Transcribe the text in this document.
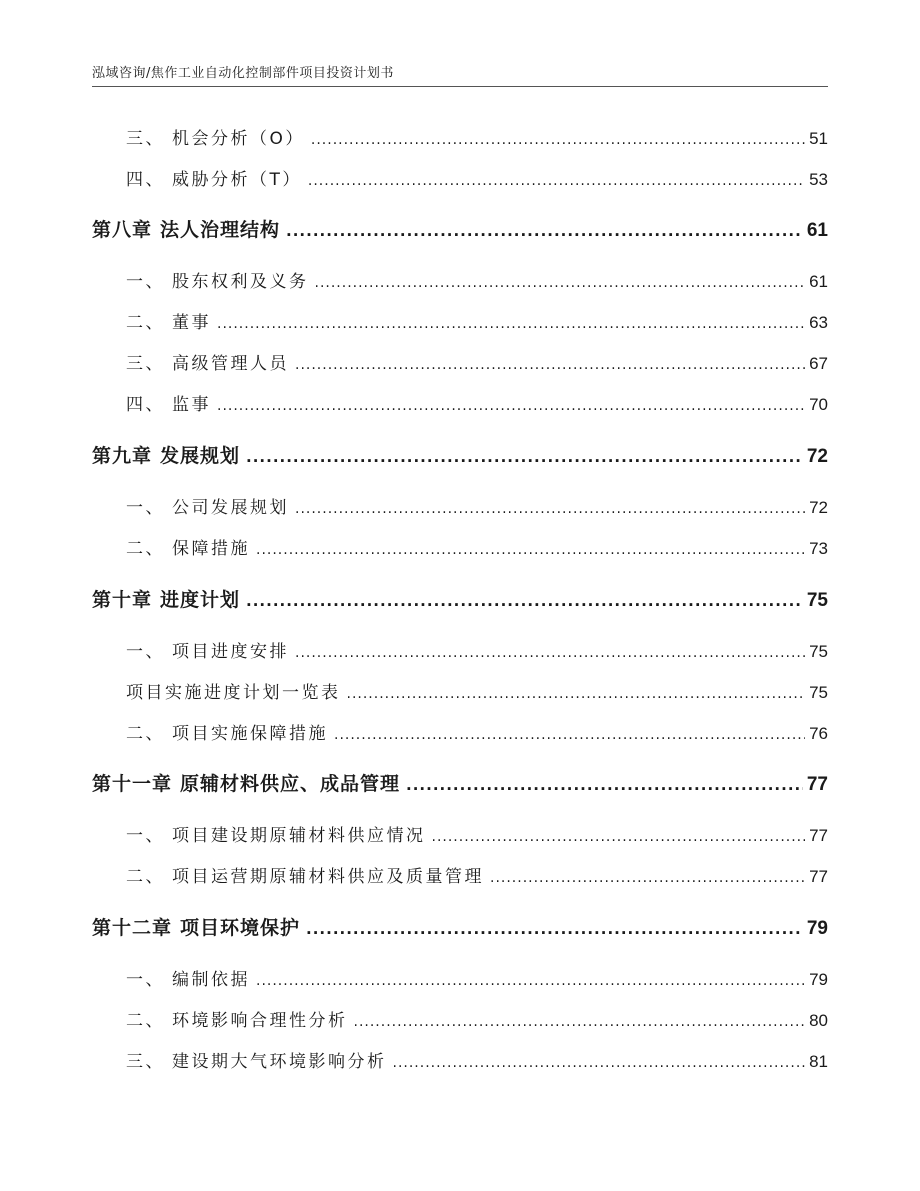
泓域咨询/焦作工业自动化控制部件项目投资计划书
三、 机会分析（O） .....	51
四、 威胁分析（T） .....	53
第八章 法人治理结构 .....	61
一、 股东权利及义务 .....	61
二、 董事 .....	63
三、 高级管理人员 .....	67
四、 监事 .....	70
第九章 发展规划 .....	72
一、 公司发展规划 .....	72
二、 保障措施 .....	73
第十章 进度计划 .....	75
一、 项目进度安排 .....	75
项目实施进度计划一览表 .....	75
二、 项目实施保障措施 .....	76
第十一章 原辅材料供应、成品管理 .....	77
一、 项目建设期原辅材料供应情况 .....	77
二、 项目运营期原辅材料供应及质量管理 .....	77
第十二章 项目环境保护 .....	79
一、 编制依据 .....	79
二、 环境影响合理性分析 .....	80
三、 建设期大气环境影响分析 .....	81
